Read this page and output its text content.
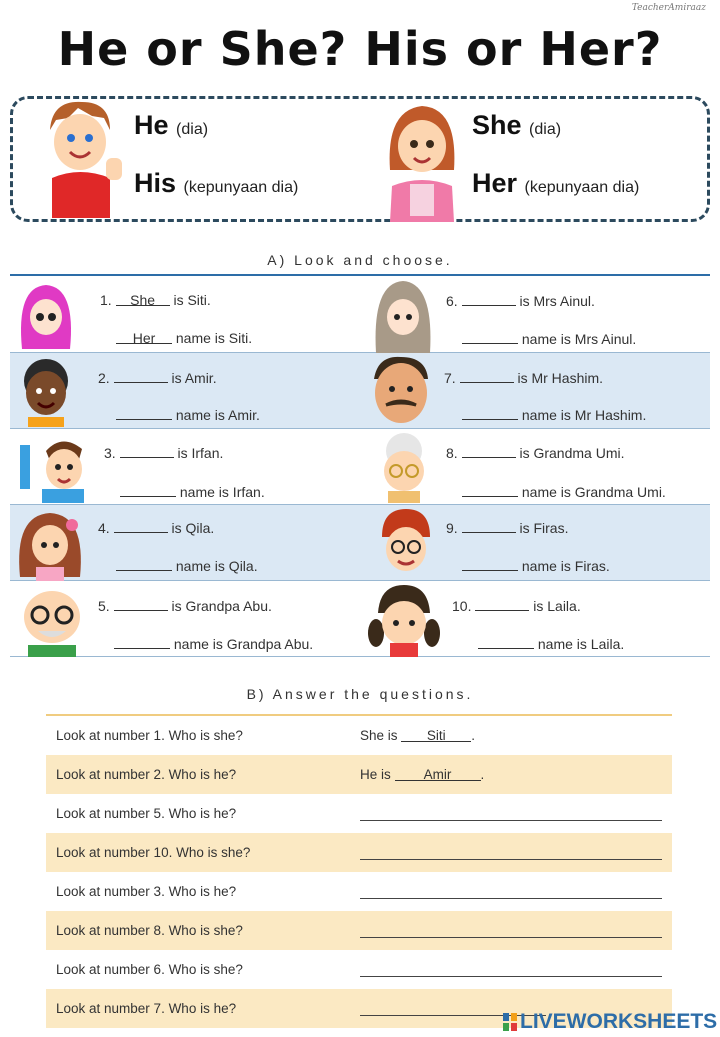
TeacherAmiraaz
He or She? His or Her?
He (dia)
His (kepunyaan dia)
She (dia)
Her (kepunyaan dia)
A) Look and choose.
1. She is Siti.
Her name is Siti.
2.	is Amir.
name is Amir.
3.	is Irfan.
name is Irfan.
4.	is Qila.
name is Qila.
5.	is Grandpa Abu.
name is Grandpa Abu.
6.	is Mrs Ainul.
name is Mrs Ainul.
7.	is Mr Hashim.
name is Mr Hashim.
8.	is Grandma Umi.
name is Grandma Umi.
9.	is Firas.
name is Firas.
10.	is Laila.
name is Laila.
B) Answer the questions.
Look at number 1. Who is she?	She is Siti .
Look at number 2. Who is he?	He is Amir .
Look at number 5. Who is he?
Look at number 10. Who is she?
Look at number 3. Who is he?
Look at number 8. Who is she?
Look at number 6. Who is she?
Look at number 7. Who is he?
LIVEWORKSHEETS
